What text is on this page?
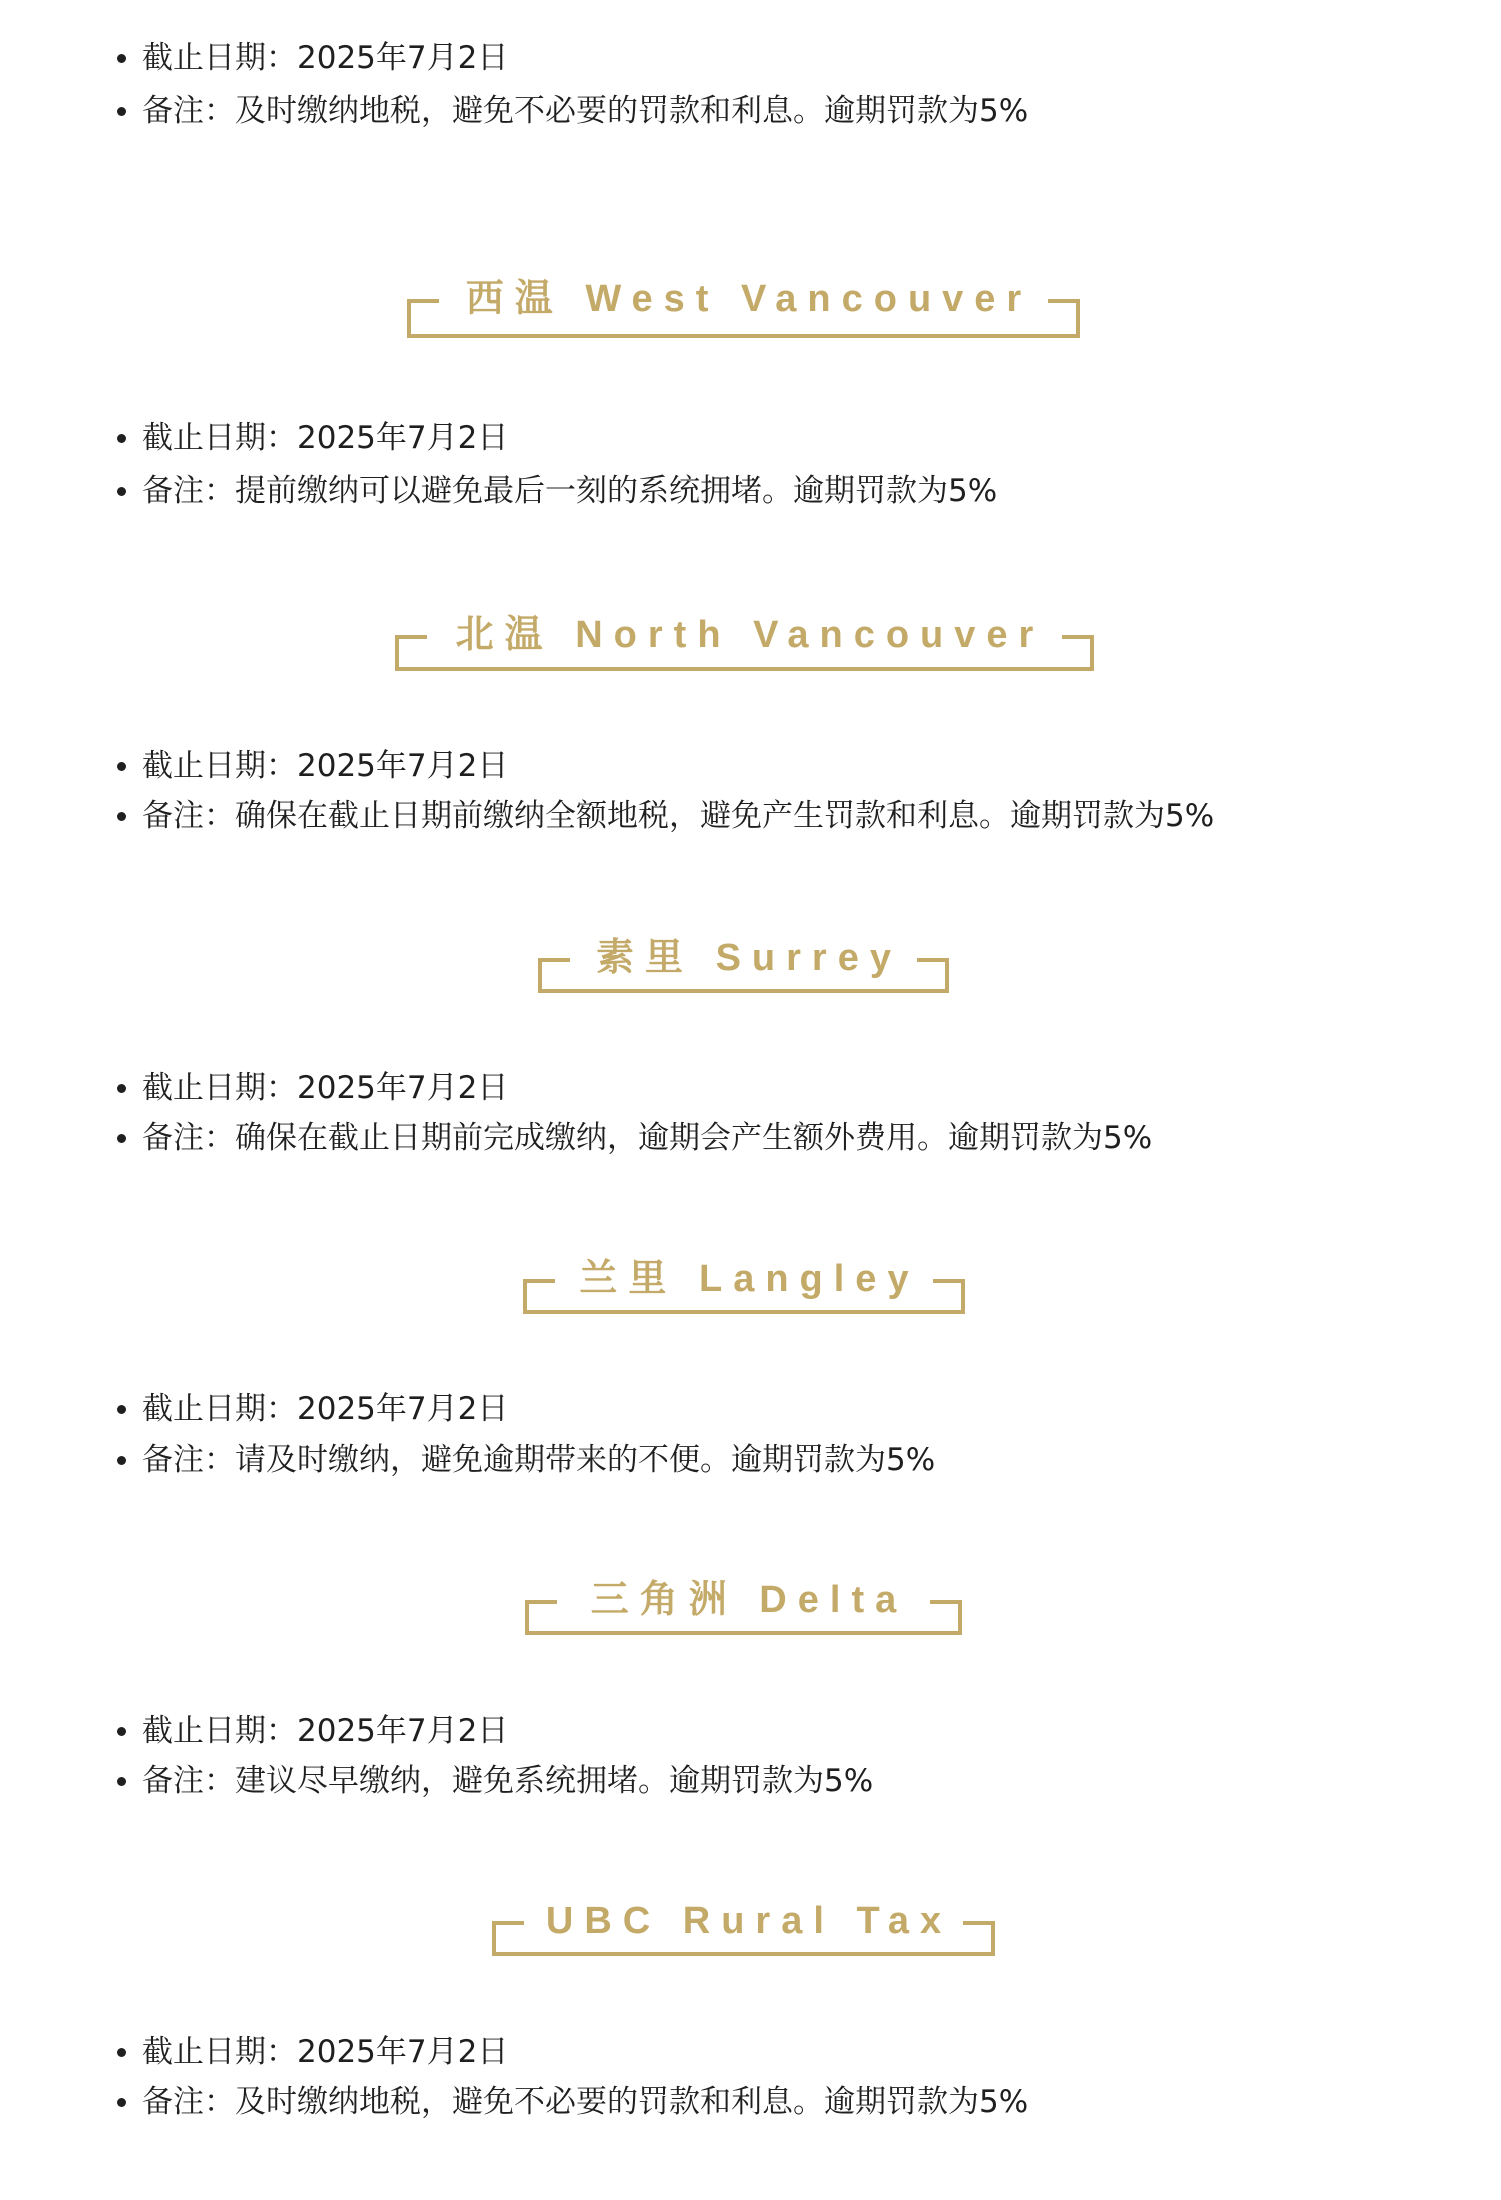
截止日期： 2025年7月2日
备注： 及时缴纳地税，避免不必要的罚款和利息。逾期罚款为5%
西温 West Vancouver
截止日期： 2025年7月2日
备注： 提前缴纳可以避免最后一刻的系统拥堵。逾期罚款为5%
北温 North Vancouver
截止日期： 2025年7月2日
备注： 确保在截止日期前缴纳全额地税，避免产生罚款和利息。逾期罚款为5%
素里 Surrey
截止日期： 2025年7月2日
备注： 确保在截止日期前完成缴纳，逾期会产生额外费用。逾期罚款为5%
兰里 Langley
截止日期： 2025年7月2日
备注： 请及时缴纳，避免逾期带来的不便。逾期罚款为5%
三角洲 Delta
截止日期： 2025年7月2日
备注： 建议尽早缴纳，避免系统拥堵。逾期罚款为5%
UBC Rural Tax
截止日期： 2025年7月2日
备注： 及时缴纳地税，避免不必要的罚款和利息。逾期罚款为5%
